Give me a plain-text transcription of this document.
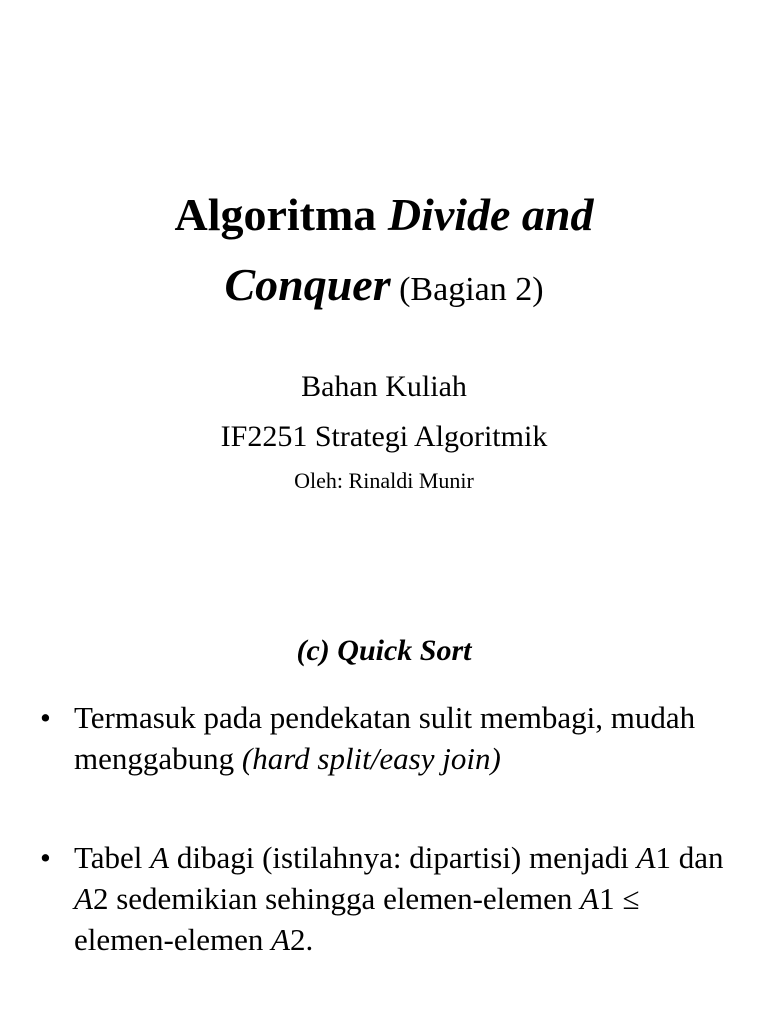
Algoritma Divide and
Conquer (Bagian 2)
Bahan Kuliah
IF2251 Strategi Algoritmik
Oleh: Rinaldi Munir
(c) Quick Sort
• Termasuk pada pendekatan sulit membagi, mudah menggabung (hard split/easy join)
• Tabel A dibagi (istilahnya: dipartisi) menjadi A1 dan A2 sedemikian sehingga elemen-elemen A1 ≤ elemen-elemen A2.
